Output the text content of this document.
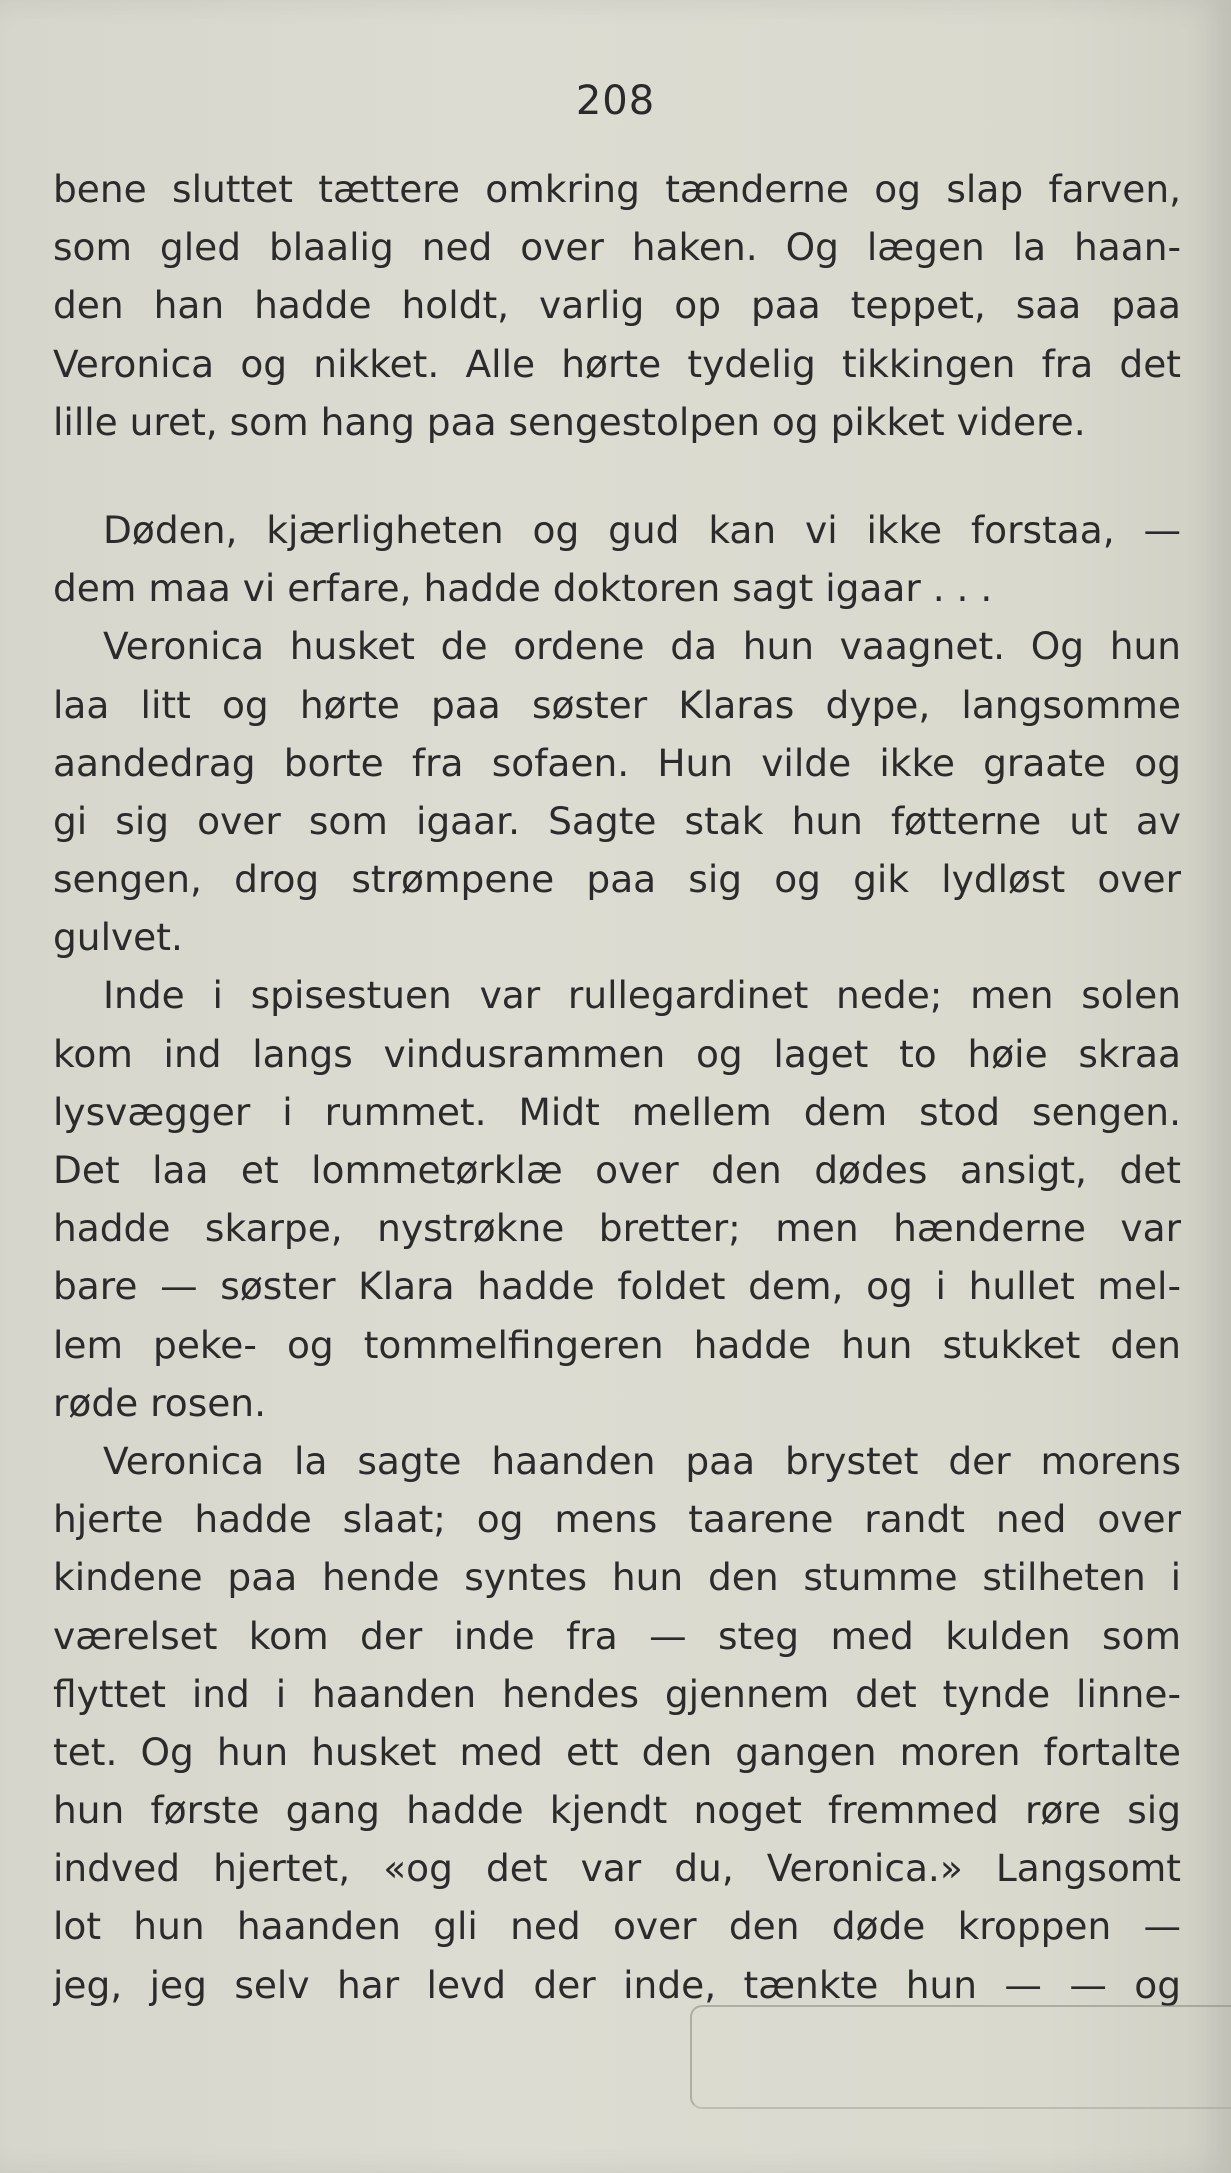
208
bene sluttet tættere omkring tænderne og slap farven,
som gled blaalig ned over haken. Og lægen la haan-
den han hadde holdt, varlig op paa teppet, saa paa
Veronica og nikket. Alle hørte tydelig tikkingen fra det
lille uret, som hang paa sengestolpen og pikket videre.
Døden, kjærligheten og gud kan vi ikke forstaa, —
dem maa vi erfare, hadde doktoren sagt igaar . . .
Veronica husket de ordene da hun vaagnet. Og hun
laa litt og hørte paa søster Klaras dype, langsomme
aandedrag borte fra sofaen. Hun vilde ikke graate og
gi sig over som igaar. Sagte stak hun føtterne ut av
sengen, drog strømpene paa sig og gik lydløst over
gulvet.
Inde i spisestuen var rullegardinet nede; men solen
kom ind langs vindusrammen og laget to høie skraa
lysvægger i rummet. Midt mellem dem stod sengen.
Det laa et lommetørklæ over den dødes ansigt, det
hadde skarpe, nystrøkne bretter; men hænderne var
bare — søster Klara hadde foldet dem, og i hullet mel-
lem peke- og tommelfingeren hadde hun stukket den
røde rosen.
Veronica la sagte haanden paa brystet der morens
hjerte hadde slaat; og mens taarene randt ned over
kindene paa hende syntes hun den stumme stilheten i
værelset kom der inde fra — steg med kulden som
flyttet ind i haanden hendes gjennem det tynde linne-
tet. Og hun husket med ett den gangen moren fortalte
hun første gang hadde kjendt noget fremmed røre sig
indved hjertet, «og det var du, Veronica.» Langsomt
lot hun haanden gli ned over den døde kroppen —
jeg, jeg selv har levd der inde, tænkte hun — — og
